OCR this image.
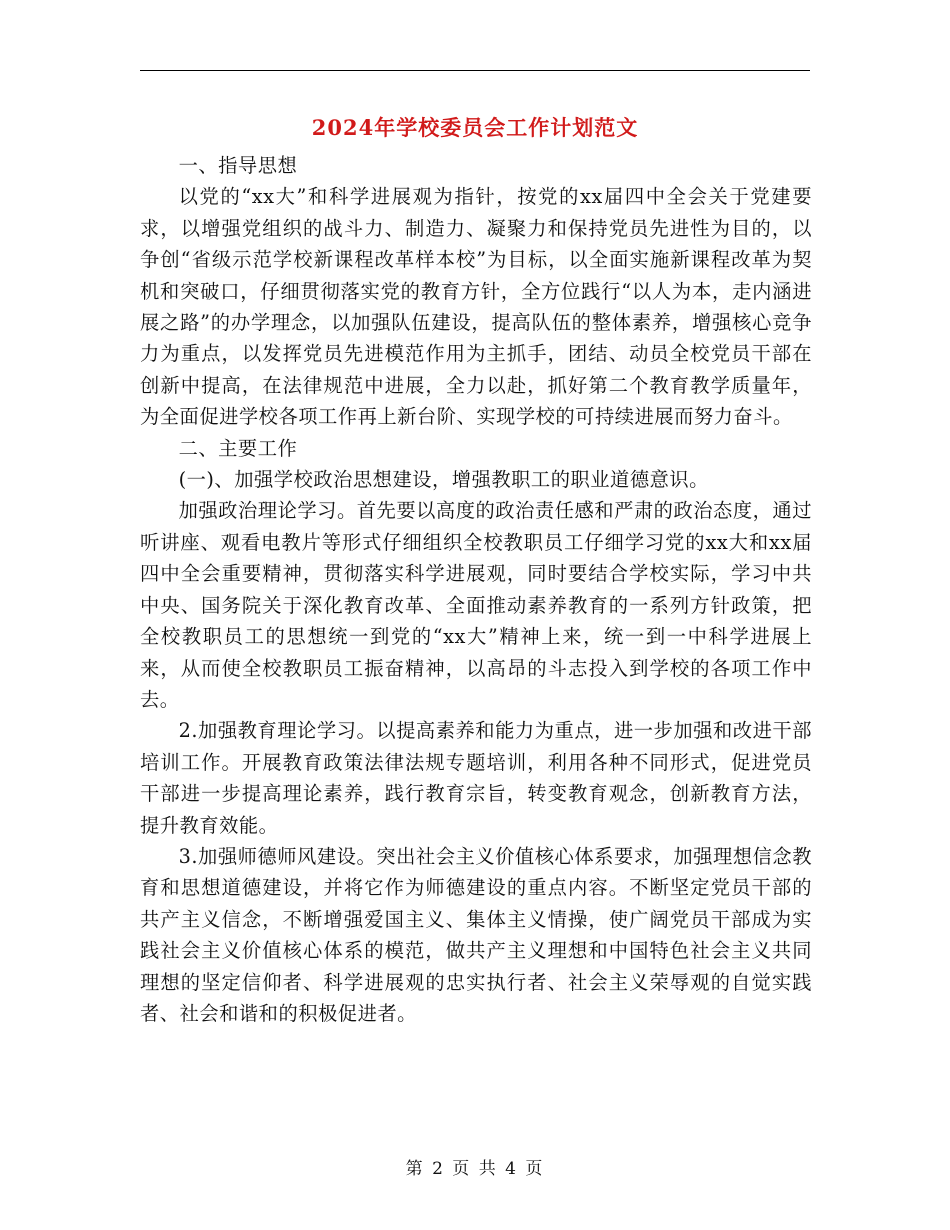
2024年学校委员会工作计划范文

一、指导思想

以党的“xx大”和科学进展观为指针，按党的xx届四中全会关于党建要求，以增强党组织的战斗力、制造力、凝聚力和保持党员先进性为目的，以争创“省级示范学校新课程改革样本校”为目标，以全面实施新课程改革为契机和突破口，仔细贯彻落实党的教育方针，全方位践行“以人为本，走内涵进展之路”的办学理念，以加强队伍建设，提高队伍的整体素养，增强核心竞争力为重点，以发挥党员先进模范作用为主抓手，团结、动员全校党员干部在创新中提高，在法律规范中进展，全力以赴，抓好第二个教育教学质量年，为全面促进学校各项工作再上新台阶、实现学校的可持续进展而努力奋斗。

二、主要工作

(一)、加强学校政治思想建设，增强教职工的职业道德意识。

加强政治理论学习。首先要以高度的政治责任感和严肃的政治态度，通过听讲座、观看电教片等形式仔细组织全校教职员工仔细学习党的xx大和xx届四中全会重要精神，贯彻落实科学进展观，同时要结合学校实际，学习中共中央、国务院关于深化教育改革、全面推动素养教育的一系列方针政策，把全校教职员工的思想统一到党的“xx大”精神上来，统一到一中科学进展上来，从而使全校教职员工振奋精神，以高昂的斗志投入到学校的各项工作中去。

2.加强教育理论学习。以提高素养和能力为重点，进一步加强和改进干部培训工作。开展教育政策法律法规专题培训，利用各种不同形式，促进党员干部进一步提高理论素养，践行教育宗旨，转变教育观念，创新教育方法，提升教育效能。

3.加强师德师风建设。突出社会主义价值核心体系要求，加强理想信念教育和思想道德建设，并将它作为师德建设的重点内容。不断坚定党员干部的共产主义信念，不断增强爱国主义、集体主义情操，使广阔党员干部成为实践社会主义价值核心体系的模范，做共产主义理想和中国特色社会主义共同理想的坚定信仰者、科学进展观的忠实执行者、社会主义荣辱观的自觉实践者、社会和谐和的积极促进者。

第 2 页 共 4 页
